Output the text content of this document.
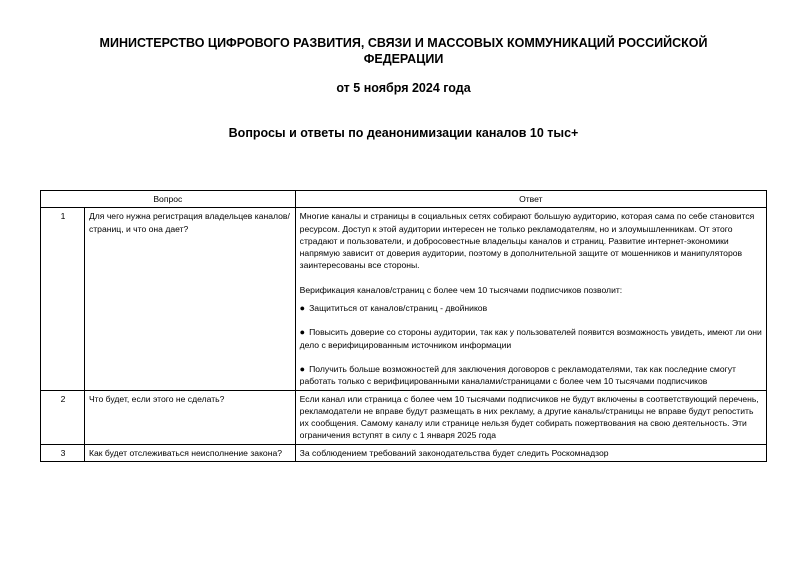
МИНИСТЕРСТВО ЦИФРОВОГО РАЗВИТИЯ, СВЯЗИ И МАССОВЫХ КОММУНИКАЦИЙ РОССИЙСКОЙ ФЕДЕРАЦИИ
от 5 ноября 2024 года
Вопросы и ответы по деанонимизации каналов 10 тыс+
Вопрос		Ответ
1	Для чего нужна регистрация владельцев каналов/страниц, и что она дает?	Многие каналы и страницы в социальных сетях собирают большую аудиторию, которая сама по себе становится ресурсом. Доступ к этой аудитории интересен не только рекламодателям, но и злоумышленникам. От этого страдают и пользователи, и добросовестные владельцы каналов и страниц. Развитие интернет-экономики напрямую зависит от доверия аудитории, поэтому в дополнительной защите от мошенников и манипуляторов заинтересованы все стороны.
Верификация каналов/страниц с более чем 10 тысячами подписчиков позволит:
● Защититься от каналов/страниц - двойников
● Повысить доверие со стороны аудитории, так как у пользователей появится возможность увидеть, имеют ли они дело с верифицированным источником информации
● Получить больше возможностей для заключения договоров с рекламодателями, так как последние смогут работать только с верифицированными каналами/страницами с более чем 10 тысячами подписчиков

2	Что будет, если этого не сделать?	Если канал или страница с более чем 10 тысячами подписчиков не будут включены в соответствующий перечень, рекламодатели не вправе будут размещать в них рекламу, а другие каналы/страницы не вправе будут репостить их сообщения. Самому каналу или странице нельзя будет собирать пожертвования на свою деятельность. Эти ограничения вступят в силу с 1 января 2025 года
3	Как будет отслеживаться неисполнение закона?	За соблюдением требований законодательства будет следить Роскомнадзор
